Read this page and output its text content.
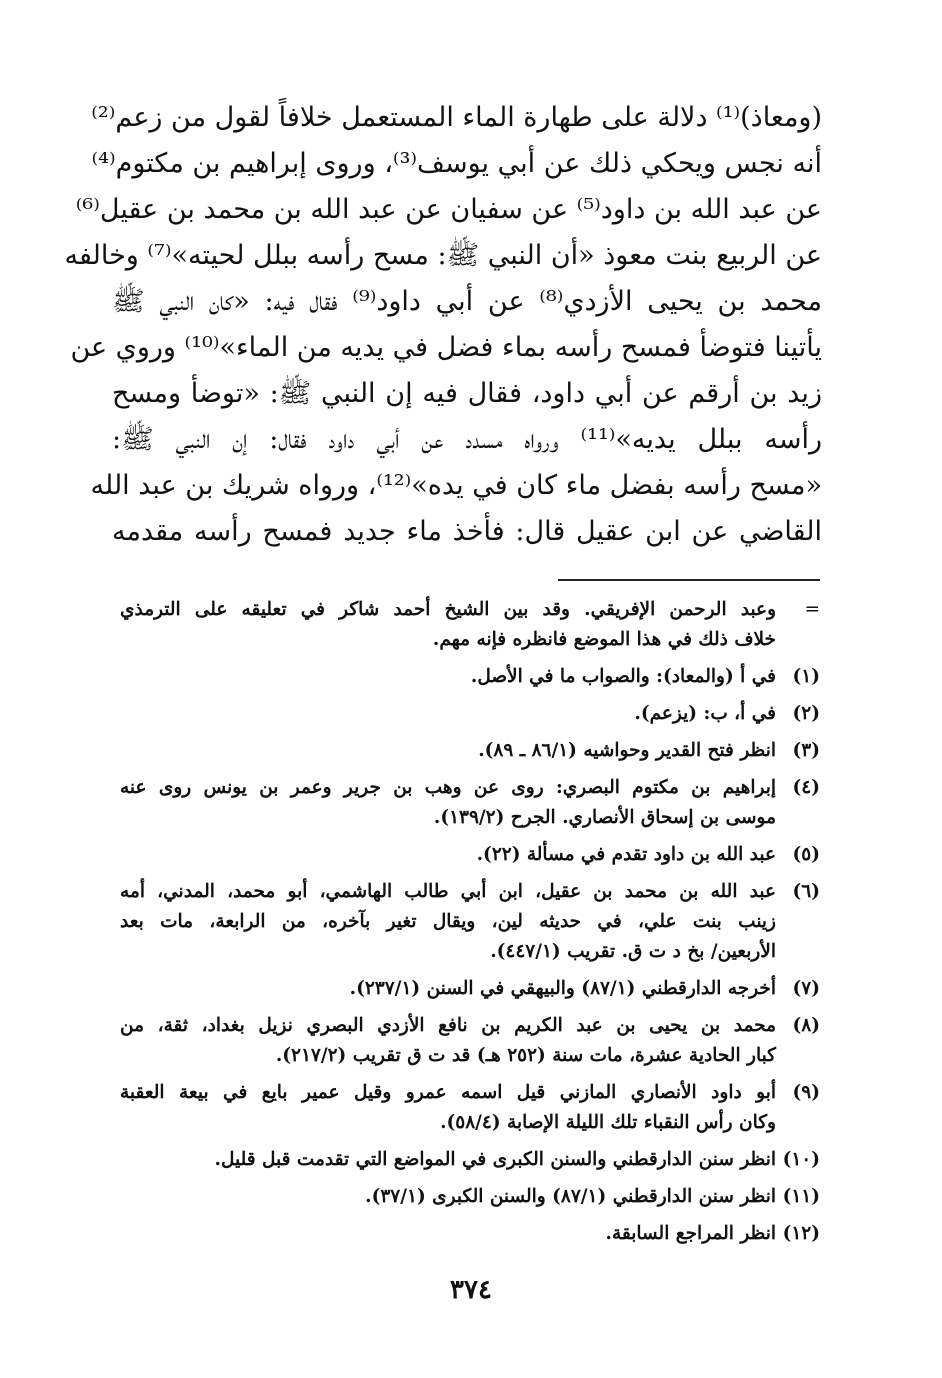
(ومعاذ)⁽¹⁾ دلالة على طهارة الماء المستعمل خلافاً لقول من زعم⁽²⁾
أنه نجس ويحكي ذلك عن أبي يوسف⁽³⁾، وروى إبراهيم بن مكتوم⁽⁴⁾
عن عبد الله بن داود⁽⁵⁾ عن سفيان عن عبد الله بن محمد بن عقيل⁽⁶⁾
عن الربيع بنت معوذ «أن النبي ﷺ: مسح رأسه ببلل لحيته»⁽⁷⁾ وخالفه
محمد بن يحيى الأزدي⁽⁸⁾ عن أبي داود⁽⁹⁾ فقال فيه: «كان النبي ﷺ
يأتينا فتوضأ فمسح رأسه بماء فضل في يديه من الماء»⁽¹⁰⁾ وروي عن
زيد بن أرقم عن أبي داود، فقال فيه إن النبي ﷺ: «توضأ ومسح
رأسه ببلل يديه»⁽¹¹⁾ ورواه مسدد عن أبي داود فقال: إن النبي ﷺ:
«مسح رأسه بفضل ماء كان في يده»⁽¹²⁾، ورواه شريك بن عبد الله
القاضي عن ابن عقيل قال: فأخذ ماء جديد فمسح رأسه مقدمه
=
وعبد الرحمن الإفريقي. وقد بين الشيخ أحمد شاكر في تعليقه على الترمذي
خلاف ذلك في هذا الموضع فانظره فإنه مهم.
(١)
في أ (والمعاد): والصواب ما في الأصل.
(٢)
في أ، ب: (يزعم).
(٣)
انظر فتح القدير وحواشيه (٨٦/١ ـ ٨٩).
(٤)
إبراهيم بن مكتوم البصري: روى عن وهب بن جرير وعمر بن يونس روى عنه
موسى بن إسحاق الأنصاري. الجرح (١٣٩/٢).
(٥)
عبد الله بن داود تقدم في مسألة (٢٢).
(٦)
عبد الله بن محمد بن عقيل، ابن أبي طالب الهاشمي، أبو محمد، المدني، أمه
زينب بنت علي، في حديثه لين، ويقال تغير بآخره، من الرابعة، مات بعد
الأربعين/ بخ د ت ق. تقريب (٤٤٧/١).
(٧)
أخرجه الدارقطني (٨٧/١) والبيهقي في السنن (٢٣٧/١).
(٨)
محمد بن يحيى بن عبد الكريم بن نافع الأزدي البصري نزيل بغداد، ثقة، من
كبار الحادية عشرة، مات سنة (٢٥٢ هـ) قد ت ق تقريب (٢١٧/٢).
(٩)
أبو داود الأنصاري المازني قيل اسمه عمرو وقيل عمير بايع في بيعة العقبة
وكان رأس النقباء تلك الليلة الإصابة (٥٨/٤).
(١٠)
انظر سنن الدارقطني والسنن الكبرى في المواضع التي تقدمت قبل قليل.
(١١)
انظر سنن الدارقطني (٨٧/١) والسنن الكبرى (٣٧/١).
(١٢)
انظر المراجع السابقة.
٣٧٤
